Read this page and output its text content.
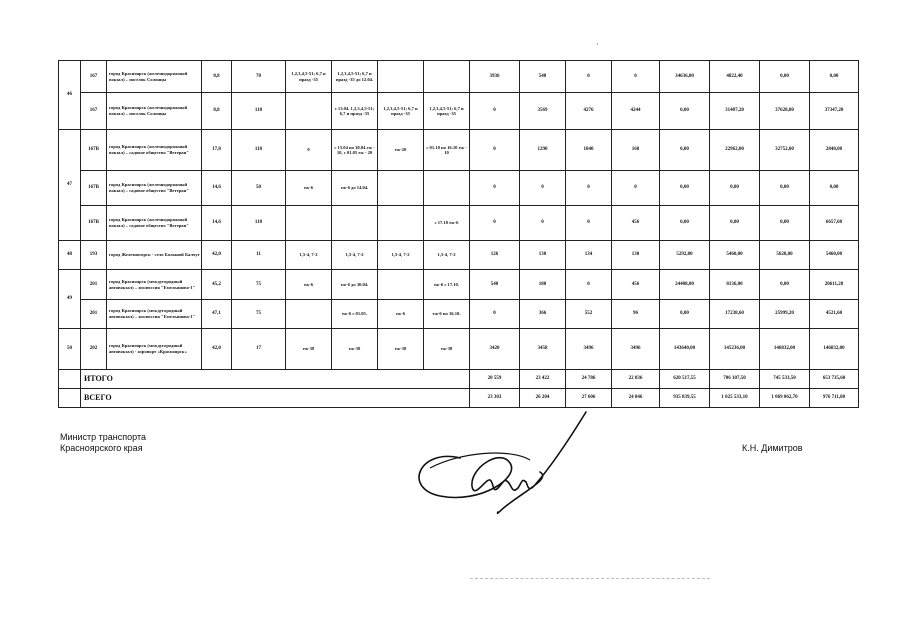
·
46	167	город Красноярск (железнодорожный вокзал) – поселок Солонцы	8,8	70	1,2,3,4,5-51; 6,7 и празд -35	1,2,3,4,5-51; 6,7 и празд -35 до 12.04.			3936	548	0	0	34636,80	4822,40	0,00	0,00
	167	город Красноярск (железнодорожный вокзал) – поселок Солонцы	8,8	110		с 13.04. 1,2,3,4,5-51; 6,7 и празд -35	1,2,3,4,5-51; 6,7 и празд -35	1,2,3,4,5-51; 6,7 и празд -35	0	3569	4276	4244	0,00	31407,20	37628,80	37347,20
47	167В	город Красноярск (железнодорожный вокзал) – садовое общество "Ветеран"	17,8	110	0	с 15.04 по 30.04 еж - 10, с 01.05 еж - 20	еж-20	с 01.10 по 16.10 еж - 10	0	1290	1840	160	0,00	22962,00	32752,00	2848,00
	167В	город Красноярск (железнодорожный вокзал) – садовое общество "Ветеран"	14,6	50	еж-6	еж-6 до 14.04.			0	0	0	0	0,00	0,00	0,00	0,00
	167В	город Красноярск (железнодорожный вокзал) – садовое общество "Ветеран"	14,6	110				с 17.10 еж-6	0	0	0	456	0,00	0,00	0,00	6657,60
48	193	город Железногорск - село Большой Балчуг	42,0	11	1,5-4, 7-2	1,5-4, 7-2	1,5-4, 7-2	1,5-4, 7-2	126	130	134	130	5292,00	5460,00	5628,00	5460,00
49	201	город Красноярск (междугородный автовокзал) – зоолюссия "Емельяново-1"	45,2	75	еж-6	еж-6 до 30.04.		еж-6 с 17.10.	540	180	0	456	24408,00	8136,00	0,00	20611,20
	201	город Красноярск (междугородный автовокзал) – зоолюссия "Емельяново-1"	47,1	75		еж-6 с 01.05.	еж-6	еж-6 по 16.10.	0	366	552	96	0,00	17238,60	25999,20	4521,60
50	202	город Красноярск (междугородный автовокзал) - аэропорт «Красноярск»	42,0	17	еж-38	еж-38	еж-38	еж-38	3420	3458	3496	3496	143640,00	145236,00	146832,00	146832,00
	ИТОГО								20 559	23 422	24 786	22 036	620 517,55	706 107,50	745 533,50	653 735,60
	ВСЕГО								23 303	26 204	27 606	24 846	935 839,55	1 025 533,10	1 069 062,70	976 711,80
Министр транспорта
Красноярского края	К.Н. Димитров
